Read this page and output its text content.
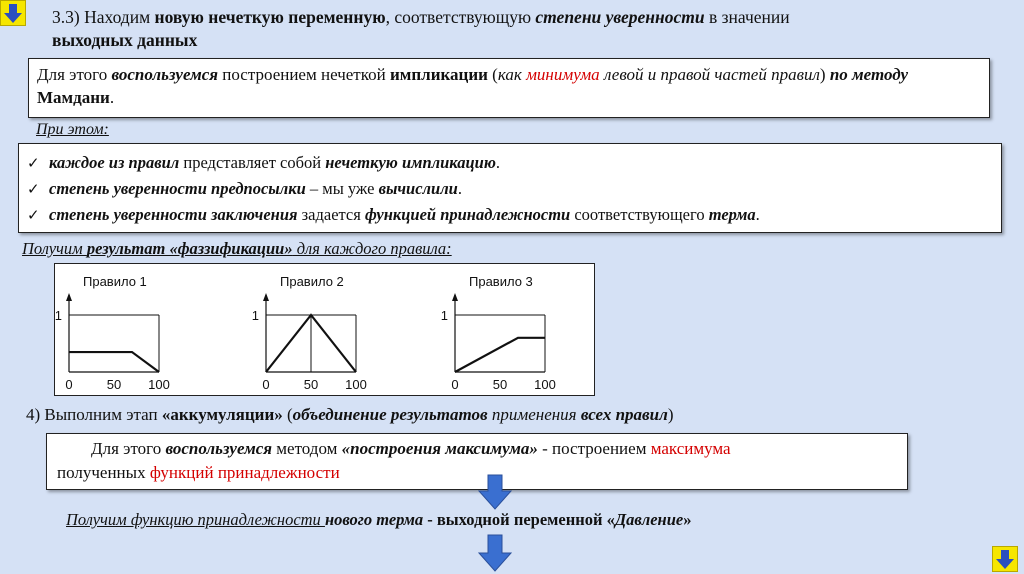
3.3) Находим новую нечеткую переменную, соответствующую степени уверенности в значении
выходных данных
Для этого воспользуемся построением нечеткой импликации (как минимума левой и правой частей правил) по методу Мамдани.
При этом:
✓ каждое из правил представляет собой нечеткую импликацию.
✓ степень уверенности предпосылки – мы уже вычислили.
✓ степень уверенности заключения задается функцией принадлежности соответствующего терма.
Получим результат «фаззификации» для каждого правила:
Правило 1
1
0	50 100
Правило 2
1
0	50 100
Правило 3
1
0	50 100
4) Выполним этап «аккумуляции» (объединение результатов применения всех правил)
Для этого воспользуемся методом «построения максимума» - построением максимума
полученных функций принадлежности
Получим функцию принадлежности нового терма - выходной переменной «Давление»
